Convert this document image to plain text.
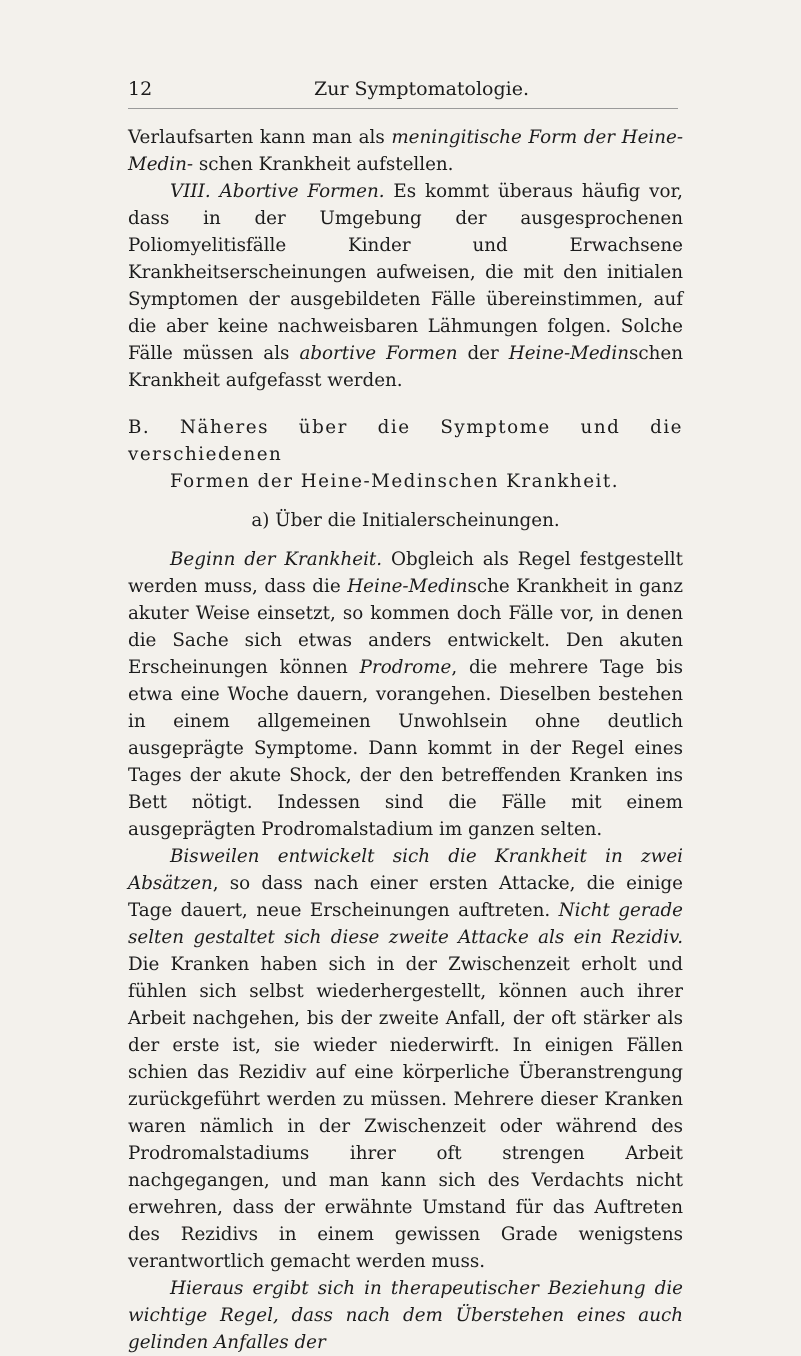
12	Zur Symptomatologie.

Verlaufsarten kann man als meningitische Form der Heine-Medin- schen Krankheit aufstellen.

VIII. Abortive Formen. Es kommt überaus häufig vor, dass in der Umgebung der ausgesprochenen Poliomyelitisfälle Kinder und Erwachsene Krankheitserscheinungen aufweisen, die mit den initialen Symptomen der ausgebildeten Fälle übereinstimmen, auf die aber keine nachweisbaren Lähmungen folgen. Solche Fälle müssen als abortive Formen der Heine-Medinschen Krankheit aufgefasst werden.

B. Näheres über die Symptome und die verschiedenen
Formen der Heine-Medinschen Krankheit.

a) Über die Initialerscheinungen.

Beginn der Krankheit. Obgleich als Regel festgestellt werden muss, dass die Heine-Medinsche Krankheit in ganz akuter Weise einsetzt, so kommen doch Fälle vor, in denen die Sache sich etwas anders entwickelt. Den akuten Erscheinungen können Prodrome, die mehrere Tage bis etwa eine Woche dauern, vorangehen. Dieselben bestehen in einem allgemeinen Unwohlsein ohne deutlich ausgeprägte Symptome. Dann kommt in der Regel eines Tages der akute Shock, der den betreffenden Kranken ins Bett nötigt. Indessen sind die Fälle mit einem ausgeprägten Prodromalstadium im ganzen selten.

Bisweilen entwickelt sich die Krankheit in zwei Absätzen, so dass nach einer ersten Attacke, die einige Tage dauert, neue Erscheinungen auftreten. Nicht gerade selten gestaltet sich diese zweite Attacke als ein Rezidiv. Die Kranken haben sich in der Zwischenzeit erholt und fühlen sich selbst wiederhergestellt, können auch ihrer Arbeit nachgehen, bis der zweite Anfall, der oft stärker als der erste ist, sie wieder niederwirft. In einigen Fällen schien das Rezidiv auf eine körperliche Überanstrengung zurückgeführt werden zu müssen. Mehrere dieser Kranken waren nämlich in der Zwischenzeit oder während des Prodromalstadiums ihrer oft strengen Arbeit nachgegangen, und man kann sich des Verdachts nicht erwehren, dass der erwähnte Umstand für das Auftreten des Rezidivs in einem gewissen Grade wenigstens verantwortlich gemacht werden muss.

Hieraus ergibt sich in therapeutischer Beziehung die wichtige Regel, dass nach dem Überstehen eines auch gelinden Anfalles der
